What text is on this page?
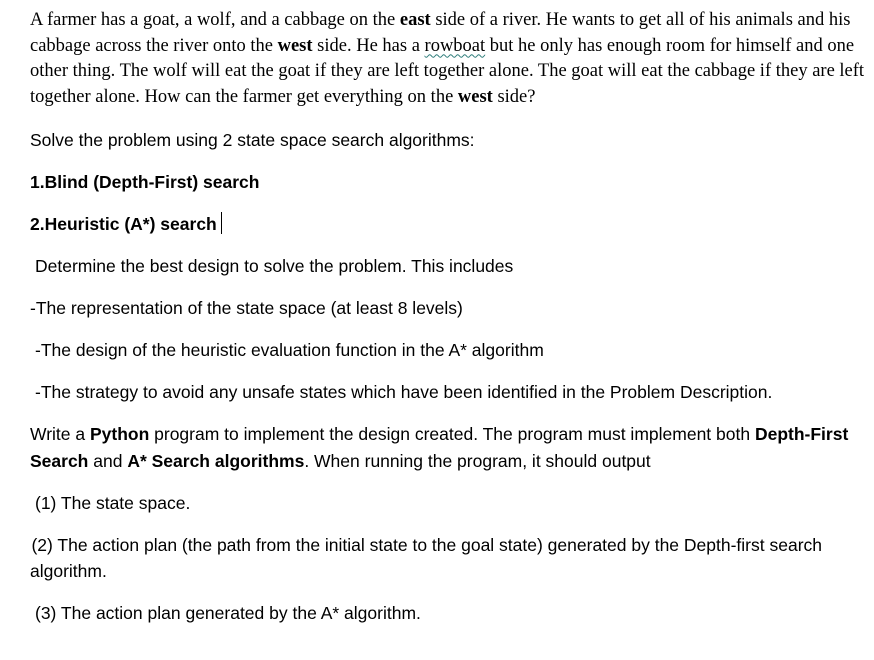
A farmer has a goat, a wolf, and a cabbage on the east side of a river. He wants to get all of his animals and his cabbage across the river onto the west side. He has a rowboat but he only has enough room for himself and one other thing. The wolf will eat the goat if they are left together alone. The goat will eat the cabbage if they are left together alone. How can the farmer get everything on the west side?

Solve the problem using 2 state space search algorithms:

1.Blind (Depth-First) search

2.Heuristic (A*) search

Determine the best design to solve the problem. This includes

-The representation of the state space (at least 8 levels)

-The design of the heuristic evaluation function in the A* algorithm

-The strategy to avoid any unsafe states which have been identified in the Problem Description.

Write a Python program to implement the design created. The program must implement both Depth-First Search and A* Search algorithms. When running the program, it should output

(1) The state space.

 (2) The action plan (the path from the initial state to the goal state) generated by the Depth-first search algorithm.

(3) The action plan generated by the A* algorithm.
